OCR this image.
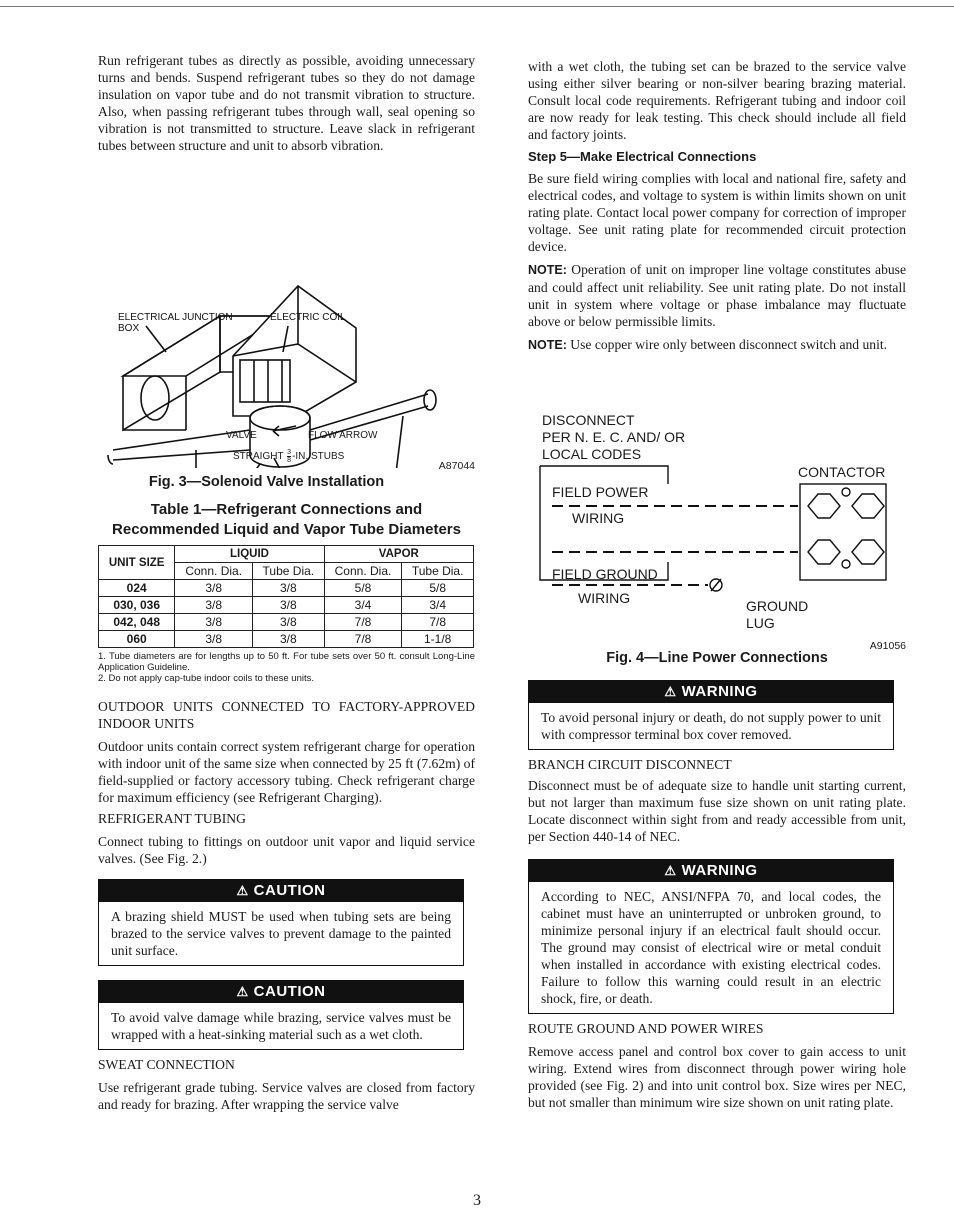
Run refrigerant tubes as directly as possible, avoiding unnecessary turns and bends. Suspend refrigerant tubes so they do not damage insulation on vapor tube and do not transmit vibration to structure. Also, when passing refrigerant tubes through wall, seal opening so vibration is not transmitted to structure. Leave slack in refrigerant tubes between structure and unit to absorb vibration.

ELECTRICAL JUNCTION
BOX
ELECTRIC COIL
VALVE	FLOW ARROW
STRAIGHT $\frac{3}{8} -IN$. STUBS
A87044
Fig. 3—Solenoid Valve Installation

Table 1—Refrigerant Connections and

Recommended Liquid and Vapor Tube Diameters

UNIT SIZE	LIQUID		VAPOR	
	Conn. Dia.	Tube Dia.	Conn. Dia.	Tube Dia.
024	3/8	3/8	5/8	5/8
030, 036	3/8	3/8	3/4	3/4
042, 048	3/8	3/8	7/8	7/8
060	3/8	3/8	7/8	1-1/8

1. Tube diameters are for lengths up to 50 ft. For tube sets over 50 ft. consult Long-Line Application Guideline.

2. Do not apply cap-tube indoor coils to these units.

OUTDOOR UNITS CONNECTED TO FACTORY-APPROVED INDOOR UNITS

Outdoor units contain correct system refrigerant charge for operation with indoor unit of the same size when connected by 25 ft (7.62m) of field-supplied or factory accessory tubing. Check refrigerant charge for maximum efficiency (see Refrigerant Charging).

REFRIGERANT TUBING

Connect tubing to fittings on outdoor unit vapor and liquid service valves. (See Fig. 2.)

⚠ CAUTION

A brazing shield MUST be used when tubing sets are being brazed to the service valves to prevent damage to the painted unit surface.

⚠ CAUTION

To avoid valve damage while brazing, service valves must be wrapped with a heat-sinking material such as a wet cloth.

SWEAT CONNECTION

Use refrigerant grade tubing. Service valves are closed from factory and ready for brazing. After wrapping the service valve

with a wet cloth, the tubing set can be brazed to the service valve using either silver bearing or non-silver bearing brazing material. Consult local code requirements. Refrigerant tubing and indoor coil are now ready for leak testing. This check should include all field and factory joints.

Step 5—Make Electrical Connections

Be sure field wiring complies with local and national fire, safety and electrical codes, and voltage to system is within limits shown on unit rating plate. Contact local power company for correction of improper voltage. See unit rating plate for recommended circuit protection device.

NOTE: Operation of unit on improper line voltage constitutes abuse and could affect unit reliability. See unit rating plate. Do not install unit in system where voltage or phase imbalance may fluctuate above or below permissible limits.

NOTE: Use copper wire only between disconnect switch and unit.

DISCONNECT
PER N. E. C. AND/ OR
LOCAL CODES
CONTACTOR
FIELD POWER
WIRING
FIELD GROUND
WIRING	GROUND
LUG
A91056
Fig. 4—Line Power Connections
⚠ WARNING

To avoid personal injury or death, do not supply power to unit with compressor terminal box cover removed.

BRANCH CIRCUIT DISCONNECT

Disconnect must be of adequate size to handle unit starting current, but not larger than maximum fuse size shown on unit rating plate. Locate disconnect within sight from and ready accessible from unit, per Section 440-14 of NEC.

⚠ WARNING

According to NEC, ANSI/NFPA 70, and local codes, the cabinet must have an uninterrupted or unbroken ground, to minimize personal injury if an electrical fault should occur. The ground may consist of electrical wire or metal conduit when installed in accordance with existing electrical codes. Failure to follow this warning could result in an electric shock, fire, or death.

ROUTE GROUND AND POWER WIRES

Remove access panel and control box cover to gain access to unit wiring. Extend wires from disconnect through power wiring hole provided (see Fig. 2) and into unit control box. Size wires per NEC, but not smaller than minimum wire size shown on unit rating plate.

3
